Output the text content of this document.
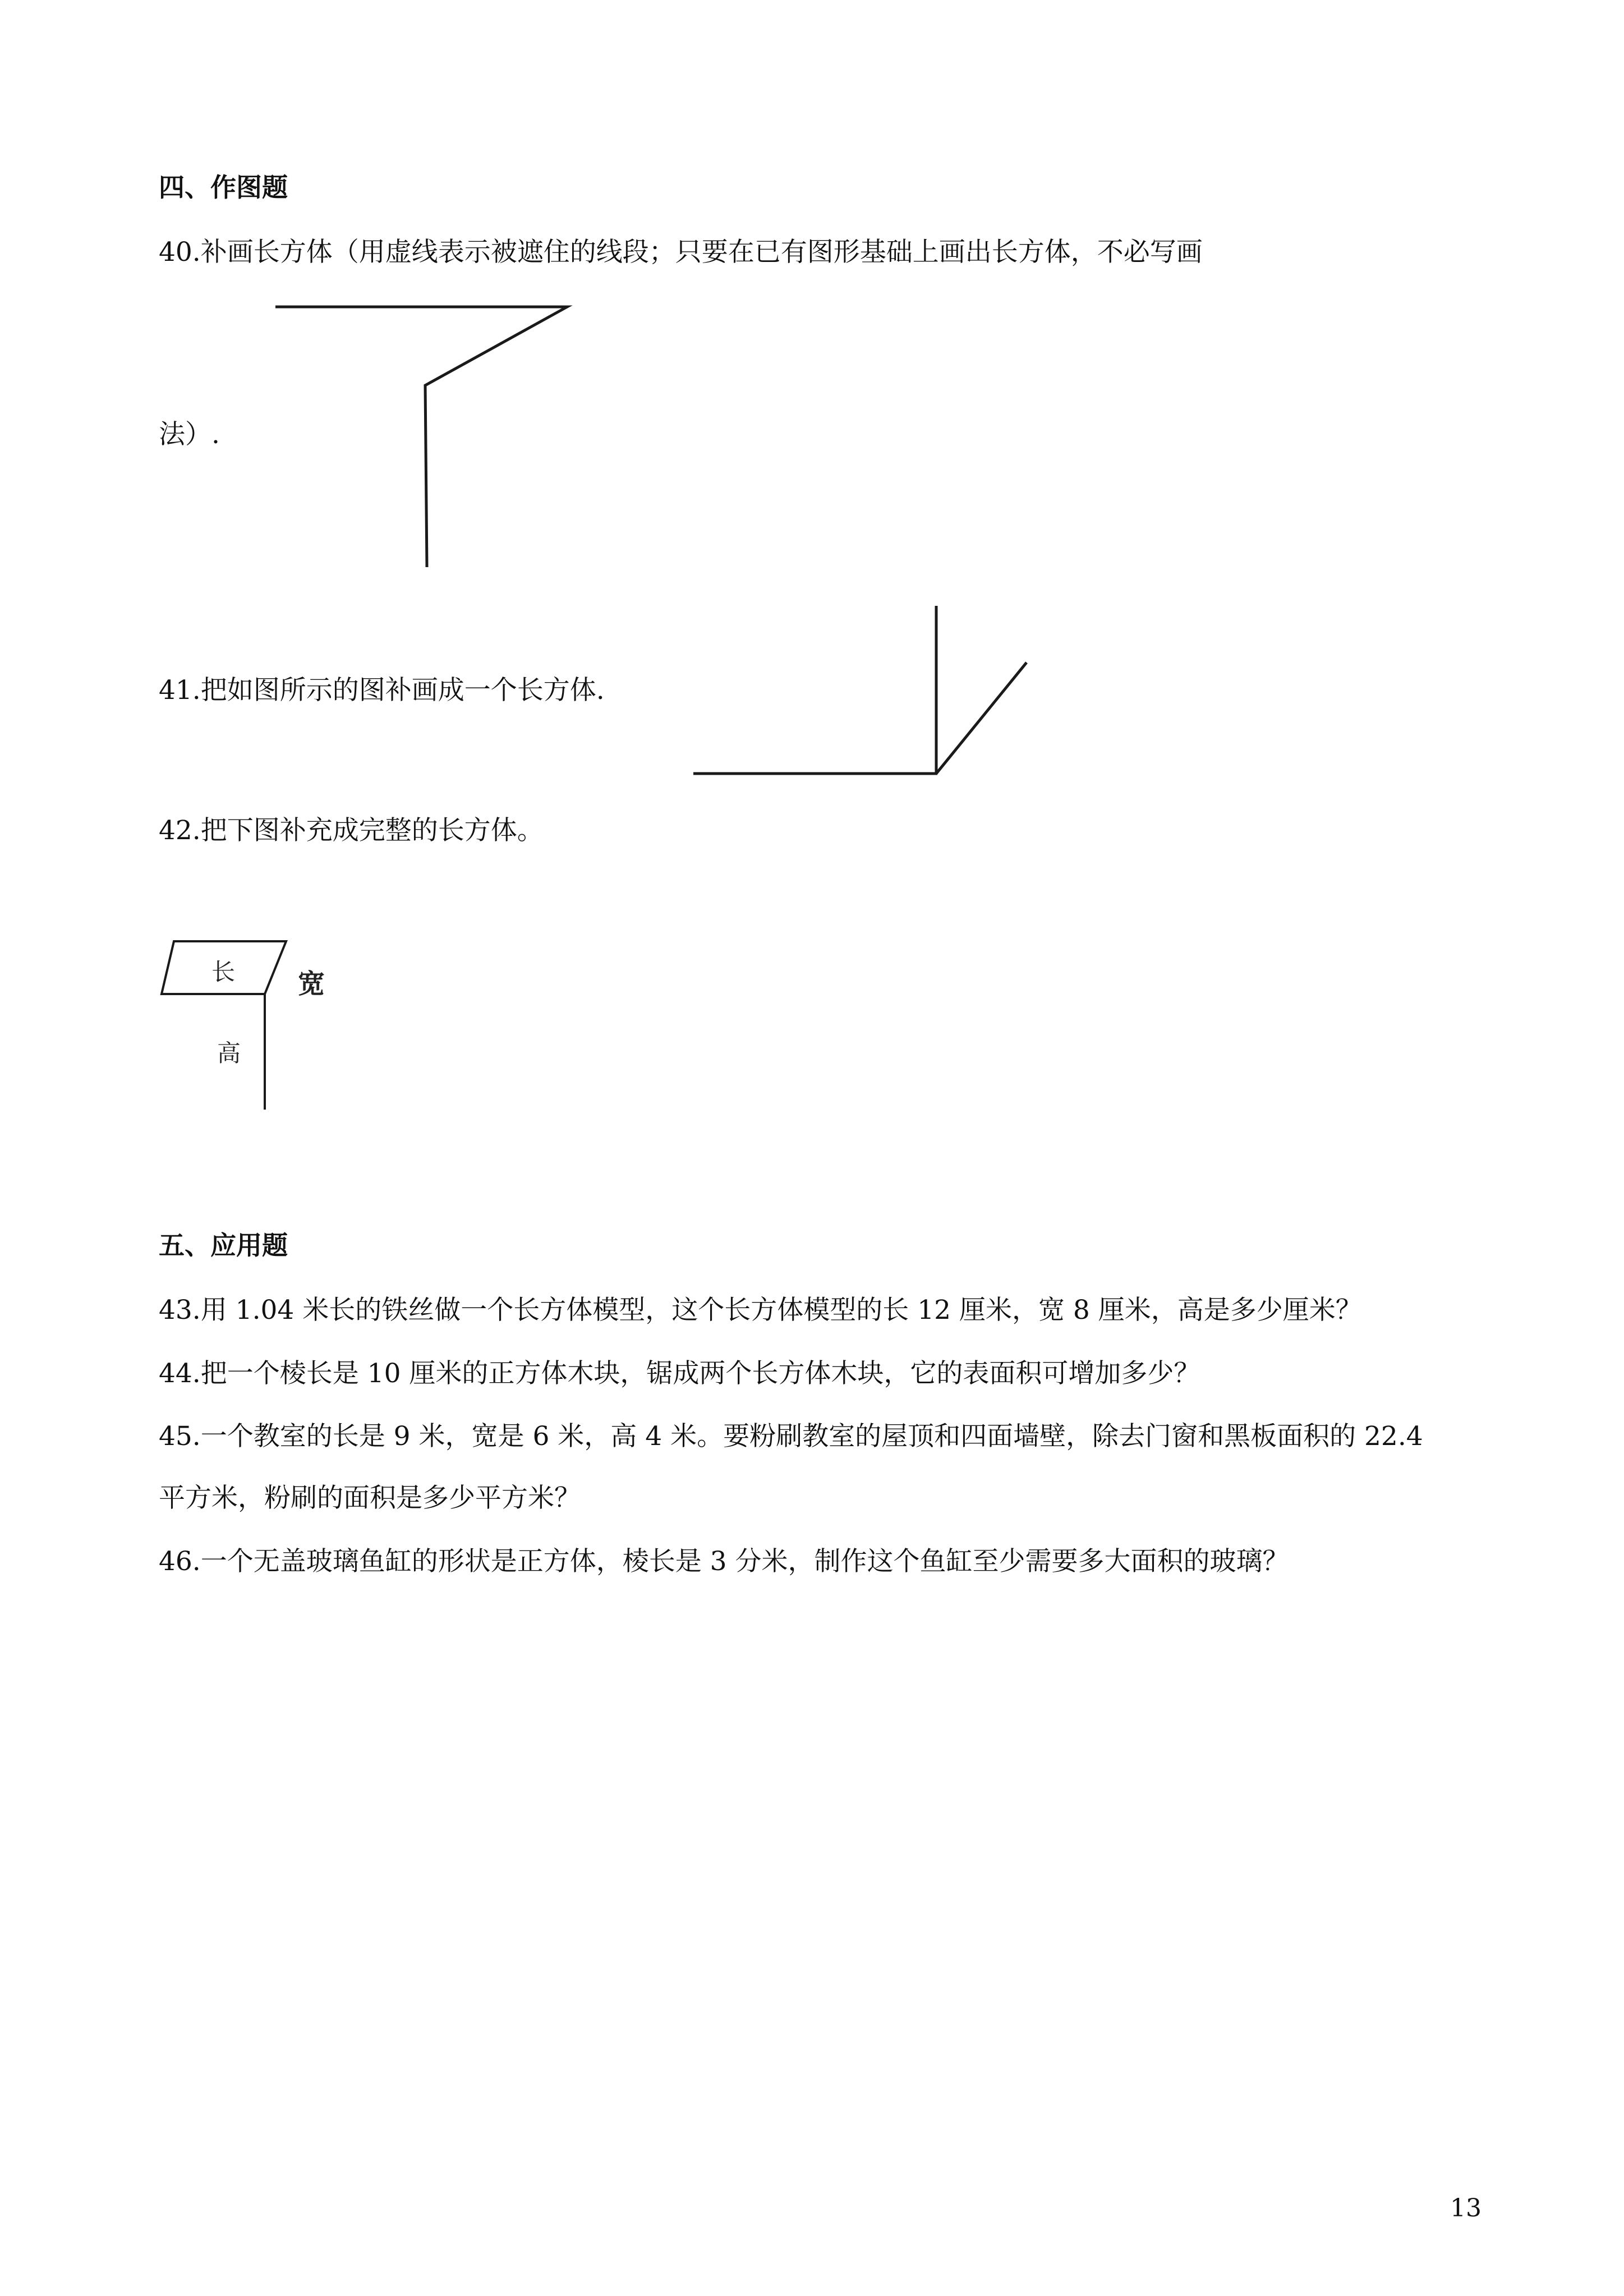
四、作图题
40.补画长方体（用虚线表示被遮住的线段；只要在已有图形基础上画出长方体，不必写画
法）.
41.把如图所示的图补画成一个长方体.
42.把下图补充成完整的长方体。
长 宽
高
五、应用题
43.用 1.04 米长的铁丝做一个长方体模型，这个长方体模型的长 12 厘米，宽 8 厘米，高是多少厘米？
44.把一个棱长是 10 厘米的正方体木块，锯成两个长方体木块，它的表面积可增加多少？
45.一个教室的长是 9 米，宽是 6 米，高 4 米。要粉刷教室的屋顶和四面墙壁，除去门窗和黑板面积的 22.4
平方米，粉刷的面积是多少平方米？
46.一个无盖玻璃鱼缸的形状是正方体，棱长是 3 分米，制作这个鱼缸至少需要多大面积的玻璃？
13
